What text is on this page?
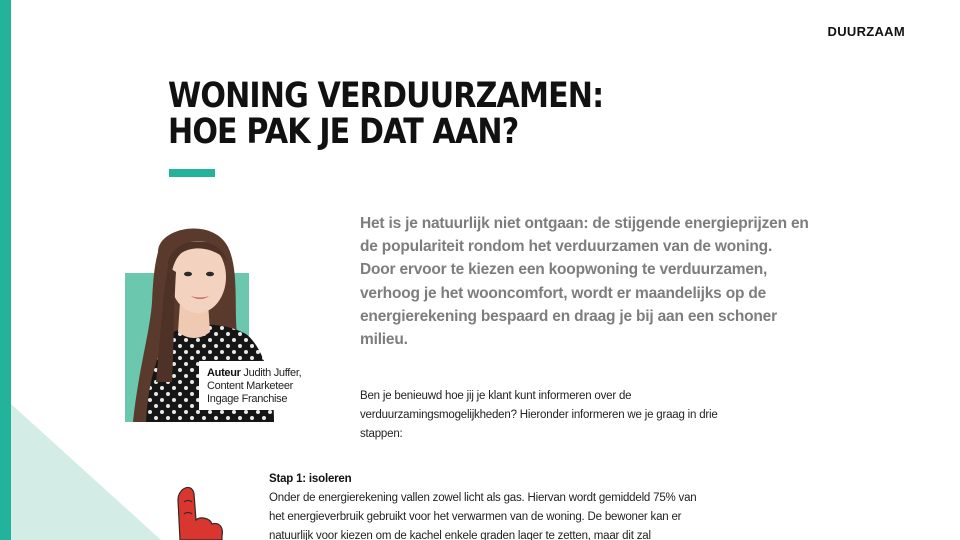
DUURZAAM
WONING VERDUURZAMEN:
HOE PAK JE DAT AAN?
Auteur Judith Juffer,
Content Marketeer
Ingage Franchise
Het is je natuurlijk niet ontgaan: de stijgende energieprijzen en de populariteit rondom het verduurzamen van de woning. Door ervoor te kiezen een koopwoning te verduurzamen, verhoog je het wooncomfort, wordt er maandelijks op de energierekening bespaard en draag je bij aan een schoner milieu.
Ben je benieuwd hoe jij je klant kunt informeren over de verduurzamingsmogelijkheden? Hieronder informeren we je graag in drie stappen:
Stap 1: isoleren
Onder de energierekening vallen zowel licht als gas. Hiervan wordt gemiddeld 75% van het energieverbruik gebruikt voor het verwarmen van de woning. De bewoner kan er natuurlijk voor kiezen om de kachel enkele graden lager te zetten, maar dit zal
